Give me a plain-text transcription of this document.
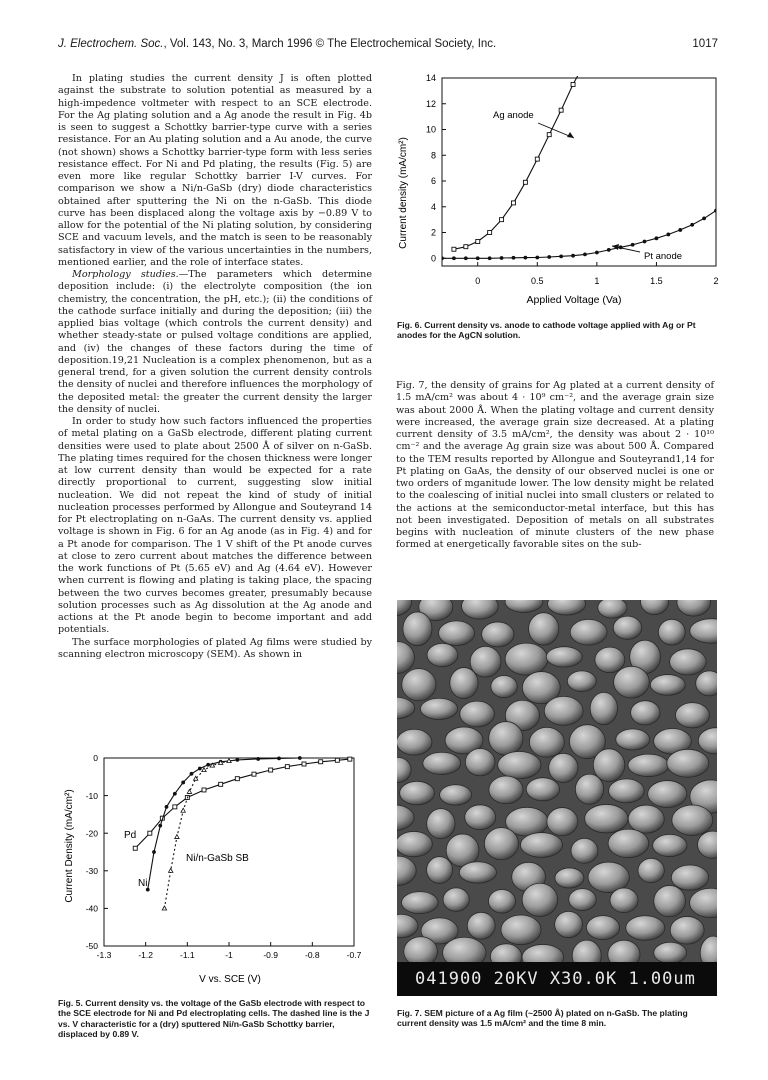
J. Electrochem. Soc., Vol. 143, No. 3, March 1996 © The Electrochemical Society, Inc.	1017

In plating studies the current density J is often plotted against the substrate to solution potential as measured by a high-impedence voltmeter with respect to an SCE electrode. For the Ag plating solution and a Ag anode the result in Fig. 4b is seen to suggest a Schottky barrier-type curve with a series resistance. For an Au plating solution and a Au anode, the curve (not shown) shows a Schottky barrier-type form with less series resistance effect. For Ni and Pd plating, the results (Fig. 5) are even more like regular Schottky barrier I-V curves. For comparison we show a Ni/n-GaSb (dry) diode characteristics obtained after sputtering the Ni on the n-GaSb. This diode curve has been displaced along the voltage axis by −0.89 V to allow for the potential of the Ni plating solution, by considering SCE and vacuum levels, and the match is seen to be reasonably satisfactory in view of the various uncertainties in the numbers, mentioned earlier, and the role of interface states.

Morphology studies.—The parameters which determine deposition include: (i) the electrolyte composition (the ion chemistry, the concentration, the pH, etc.); (ii) the conditions of the cathode surface initially and during the deposition; (iii) the applied bias voltage (which controls the current density) and whether steady-state or pulsed voltage conditions are applied, and (iv) the changes of these factors during the time of deposition.19,21 Nucleation is a complex phenomenon, but as a general trend, for a given solution the current density controls the density of nuclei and therefore influences the morphology of the deposited metal: the greater the current density the larger the density of nuclei.

In order to study how such factors influenced the properties of metal plating on a GaSb electrode, different plating current densities were used to plate about 2500 Å of silver on n-GaSb. The plating times required for the chosen thickness were longer at low current density than would be expected for a rate directly proportional to current, suggesting slow initial nucleation. We did not repeat the kind of study of initial nucleation processes performed by Allongue and Souteyrand 14 for Pt electroplating on n-GaAs. The current density vs. applied voltage is shown in Fig. 6 for an Ag anode (as in Fig. 4) and for a Pt anode for comparison. The 1 V shift of the Pt anode curves at close to zero current about matches the difference between the work functions of Pt (5.65 eV) and Ag (4.64 eV). However when current is flowing and plating is taking place, the spacing between the two curves becomes greater, presumably because solution processes such as Ag dissolution at the Ag anode and actions at the Pt anode begin to become important and add potentials.

The surface morphologies of plated Ag films were studied by scanning electron microscopy (SEM). As shown in

0	0.5	1	1.5	2
0
2
4
6
8
10
12
14
Current density (mA/cm²)
Applied Voltage (Va)
Ag anode
Pt anode
Fig. 6. Current density vs. anode to cathode voltage applied with Ag or Pt anodes for the AgCN solution.

Fig. 7, the density of grains for Ag plated at a current density of 1.5 mA/cm² was about 4 · 10⁹ cm⁻², and the average grain size was about 2000 Å. When the plating voltage and current density were increased, the average grain size decreased. At a plating current density of 3.5 mA/cm², the density was about 2 · 10¹⁰ cm⁻² and the average Ag grain size was about 500 Å. Compared to the TEM results reported by Allongue and Souteyrand1,14 for Pt plating on GaAs, the density of our observed nuclei is one or two orders of mganitude lower. The low density might be related to the coalescing of initial nuclei into small clusters or related to the actions at the semiconductor-metal interface, but this has not been investigated. Deposition of metals on all substrates begins with nucleation of minute clusters of the new phase formed at energetically favorable sites on the sub-

-1.3	-1.2	-1.1	-1	-0.9	-0.8	-0.7
0
-10
-20
-30
-40
-50
Current Density (mA/cm²)
V vs. SCE (V)
Pd
Ni
Ni/n-GaSb SB
Fig. 5. Current density vs. the voltage of the GaSb electrode with respect to the SCE electrode for Ni and Pd electroplating cells. The dashed line is the J vs. V characteristic for a (dry) sputtered Ni/n-GaSb Schottky barrier, displaced by 0.89 V.
041900 20KV X30.0K 1.00um
Fig. 7. SEM picture of a Ag film (~2500 Å) plated on n-GaSb. The plating current density was 1.5 mA/cm² and the time 8 min.
